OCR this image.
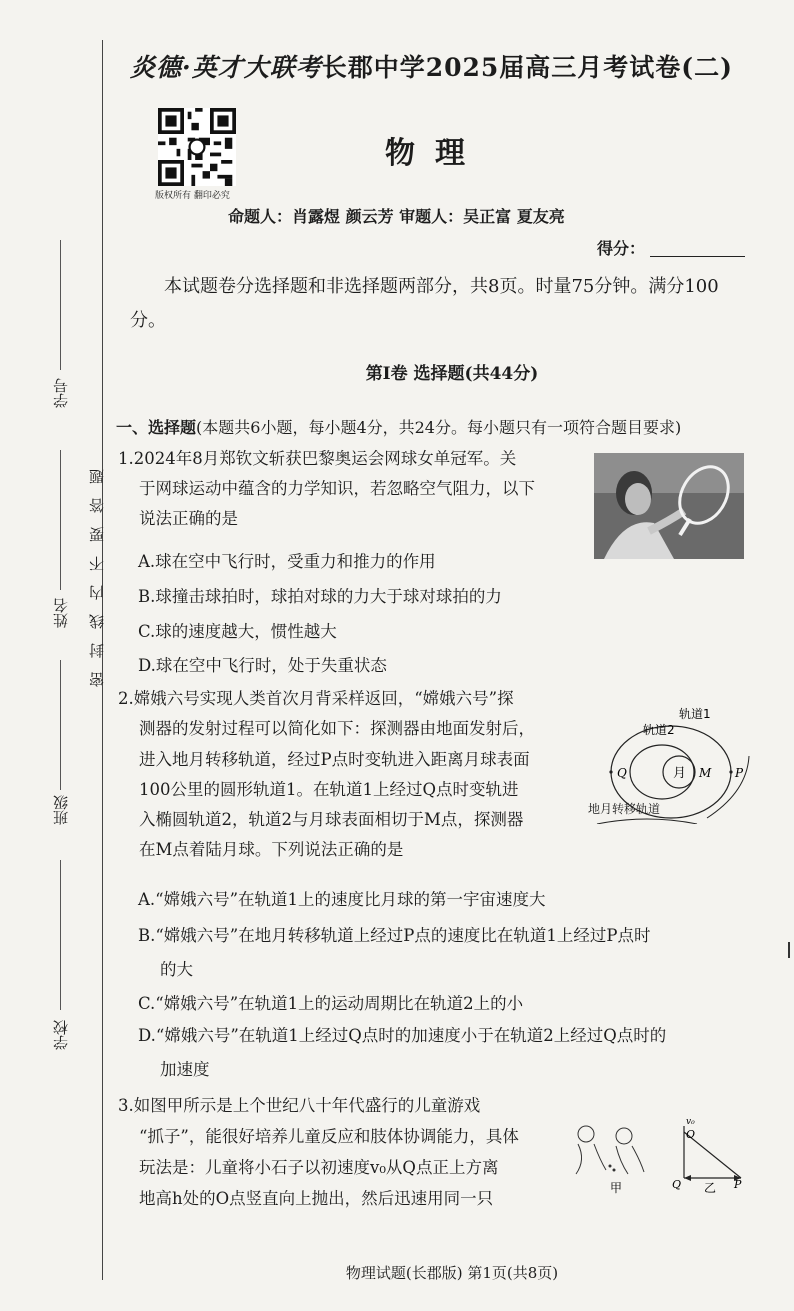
学号
姓名
班级
学校
密封线内不要答题
炎德·英才大联考长郡中学2025届高三月考试卷(二)
版权所有 翻印必究
物理
命题人：肖露煜 颜云芳 审题人：吴正富 夏友亮
得分：
本试题卷分选择题和非选择题两部分，共8页。时量75分钟。满分100分。
第Ⅰ卷 选择题(共44分)
一、选择题(本题共6小题，每小题4分，共24分。每小题只有一项符合题目要求)
1.2024年8月郑钦文斩获巴黎奥运会网球女单冠军。关
于网球运动中蕴含的力学知识，若忽略空气阻力，以下
说法正确的是
A.球在空中飞行时，受重力和推力的作用
B.球撞击球拍时，球拍对球的力大于球对球拍的力
C.球的速度越大，惯性越大
D.球在空中飞行时，处于失重状态
2.嫦娥六号实现人类首次月背采样返回，“嫦娥六号”探
测器的发射过程可以简化如下：探测器由地面发射后，
进入地月转移轨道，经过P点时变轨进入距离月球表面
100公里的圆形轨道1。在轨道1上经过Q点时变轨进
入椭圆轨道2，轨道2与月球表面相切于M点，探测器
在M点着陆月球。下列说法正确的是
轨道1
轨道2
月
Q	M P
地月转移轨道
A.“嫦娥六号”在轨道1上的速度比月球的第一宇宙速度大
B.“嫦娥六号”在地月转移轨道上经过P点的速度比在轨道1上经过P点时
的大
C.“嫦娥六号”在轨道1上的运动周期比在轨道2上的小
D.“嫦娥六号”在轨道1上经过Q点时的加速度小于在轨道2上经过Q点时的
加速度
3.如图甲所示是上个世纪八十年代盛行的儿童游戏
“抓子”，能很好培养儿童反应和肢体协调能力，具体
玩法是：儿童将小石子以初速度v₀从Q点正上方离
地高h处的O点竖直向上抛出，然后迅速用同一只
甲
v₀
O
Q	P
乙
物理试题(长郡版) 第1页(共8页)
